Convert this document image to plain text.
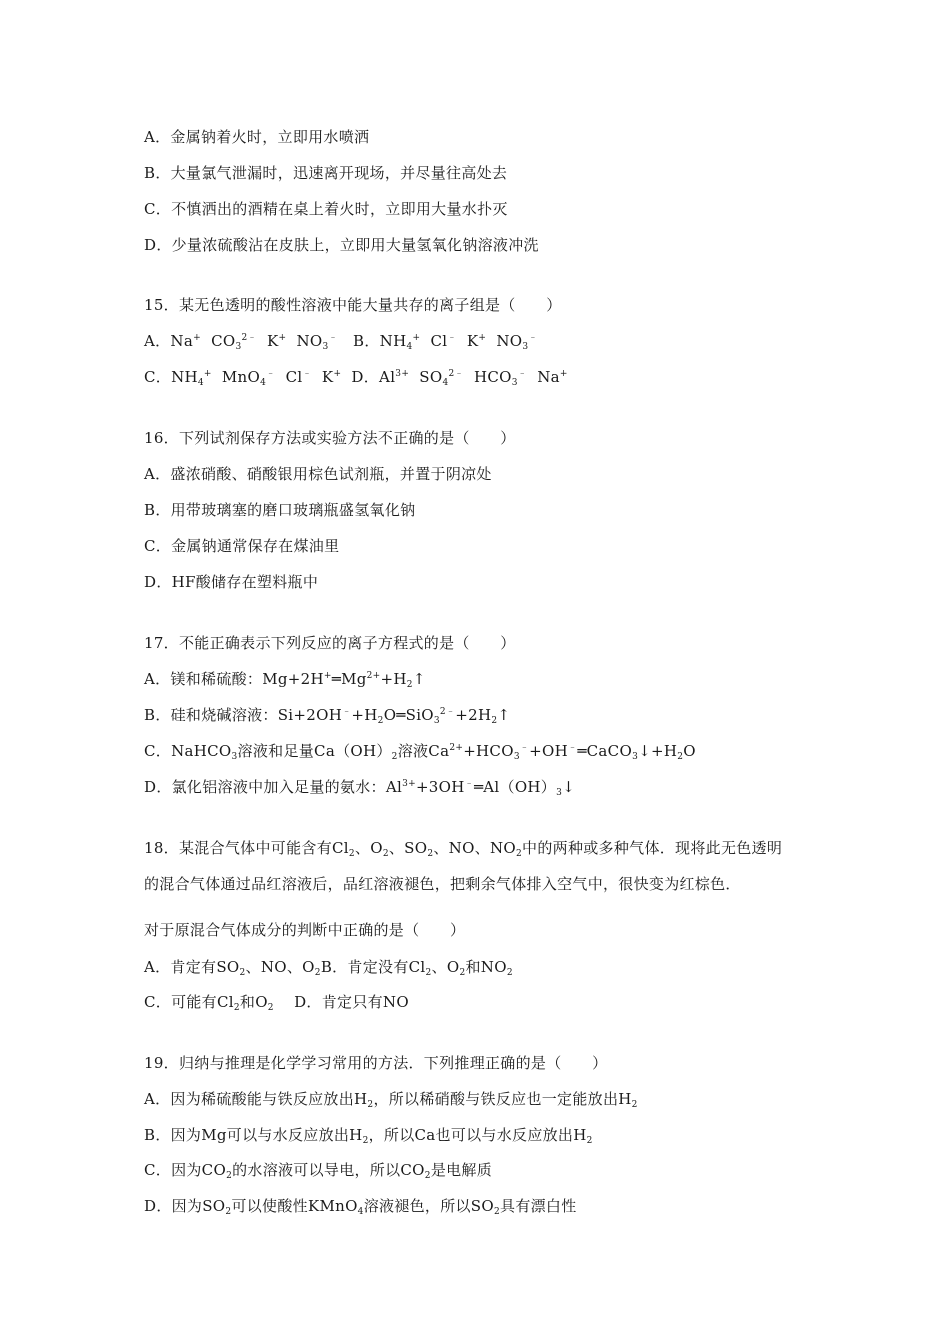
A．金属钠着火时，立即用水喷洒
B．大量氯气泄漏时，迅速离开现场，并尽量往高处去
C．不慎洒出的酒精在桌上着火时，立即用大量水扑灭
D．少量浓硫酸沾在皮肤上，立即用大量氢氧化钠溶液冲洗
15．某无色透明的酸性溶液中能大量共存的离子组是（　　）
A．Na+  $CO_3^{2﹣}$  K+  $NO_3^﹣$   B．$NH_4^+$  Cl﹣  K+  $NO_3^﹣$
C．$NH_4^+$  MnO$_4$﹣  Cl﹣  K+  D．$Al^{3+}$  $SO_4^{2﹣}$  $HCO_3^﹣$  Na+
16．下列试剂保存方法或实验方法不正确的是（　　）
A．盛浓硝酸、硝酸银用棕色试剂瓶，并置于阴凉处
B．用带玻璃塞的磨口玻璃瓶盛氢氧化钠
C．金属钠通常保存在煤油里
D．HF酸储存在塑料瓶中
17．不能正确表示下列反应的离子方程式的是（　　）
A．镁和稀硫酸：$Mg+2H^+═Mg^{2+}+H_2↑$
B．硅和烧碱溶液：$Si+2OH^﹣+H_2O═SiO_3^{2﹣}+2H_2↑$
C．NaHCO$_3$溶液和足量$Ca(OH)_2$溶液$Ca^{2+}+HCO_3^﹣+OH^﹣═CaCO_3↓+H_2O$
D．氯化铝溶液中加入足量的氨水：$Al^{3+}+3OH^﹣═Al(OH)_3↓$
18．某混合气体中可能含有$Cl_2$、$O_2$、$SO_2$、NO、$NO_2$中的两种或多种气体．现将此无色透明
的混合气体通过品红溶液后，品红溶液褪色，把剩余气体排入空气中，很快变为红棕色．
对于原混合气体成分的判断中正确的是（　　）
A．肯定有$SO_2$、NO、$O_2B$．肯定没有$Cl_2$、$O_2$和$NO_2$
C．可能有$Cl_2$和$O_2$    D．肯定只有NO
19．归纳与推理是化学学习常用的方法．下列推理正确的是（　　）
A．因为稀硫酸能与铁反应放出$H_2$，所以稀硝酸与铁反应也一定能放出$H_2$
B．因为Mg可以与水反应放出$H_2$，所以Ca也可以与水反应放出$H_2$
C．因为$CO_2$的水溶液可以导电，所以$CO_2$是电解质
D．因为$SO_2$可以使酸性KMnO$_4$溶液褪色，所以$SO_2$具有漂白性
